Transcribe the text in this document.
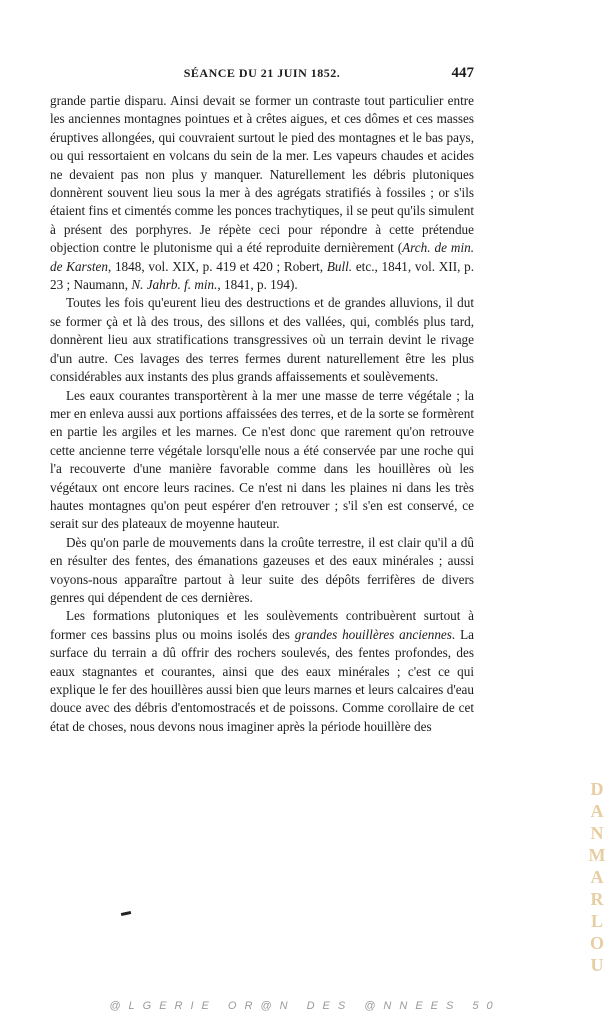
SÉANCE DU 21 JUIN 1852.	447

grande partie disparu. Ainsi devait se former un contraste tout particulier entre les anciennes montagnes pointues et à crêtes aigues, et ces dômes et ces masses éruptives allongées, qui couvraient surtout le pied des montagnes et le bas pays, ou qui ressortaient en volcans du sein de la mer. Les vapeurs chaudes et acides ne devaient pas non plus y manquer. Naturellement les débris plutoniques donnèrent souvent lieu sous la mer à des agrégats stratifiés à fossiles ; or s'ils étaient fins et cimentés comme les ponces trachytiques, il se peut qu'ils simulent à présent des porphyres. Je répète ceci pour répondre à cette prétendue objection contre le plutonisme qui a été reproduite dernièrement (Arch. de min. de Karsten, 1848, vol. XIX, p. 419 et 420 ; Robert, Bull. etc., 1841, vol. XII, p. 23 ; Naumann, N. Jahrb. f. min., 1841, p. 194).

Toutes les fois qu'eurent lieu des destructions et de grandes alluvions, il dut se former çà et là des trous, des sillons et des vallées, qui, comblés plus tard, donnèrent lieu aux stratifications transgressives où un terrain devint le rivage d'un autre. Ces lavages des terres fermes durent naturellement être les plus considérables aux instants des plus grands affaissements et soulèvements.

Les eaux courantes transportèrent à la mer une masse de terre végétale ; la mer en enleva aussi aux portions affaissées des terres, et de la sorte se formèrent en partie les argiles et les marnes. Ce n'est donc que rarement qu'on retrouve cette ancienne terre végétale lorsqu'elle nous a été conservée par une roche qui l'a recouverte d'une manière favorable comme dans les houillères où les végétaux ont encore leurs racines. Ce n'est ni dans les plaines ni dans les très hautes montagnes qu'on peut espérer d'en retrouver ; s'il s'en est conservé, ce serait sur des plateaux de moyenne hauteur.

Dès qu'on parle de mouvements dans la croûte terrestre, il est clair qu'il a dû en résulter des fentes, des émanations gazeuses et des eaux minérales ; aussi voyons-nous apparaître partout à leur suite des dépôts ferrifères de divers genres qui dépendent de ces dernières.

Les formations plutoniques et les soulèvements contribuèrent surtout à former ces bassins plus ou moins isolés des grandes houillères anciennes. La surface du terrain a dû offrir des rochers soulevés, des fentes profondes, des eaux stagnantes et courantes, ainsi que des eaux minérales ; c'est ce qui explique le fer des houillères aussi bien que leurs marnes et leurs calcaires d'eau douce avec des débris d'entomostracés et de poissons. Comme corollaire de cet état de choses, nous devons nous imaginer après la période houillère des

DANMARLOU
@LGERIE OR@N DES @NNEES 50
